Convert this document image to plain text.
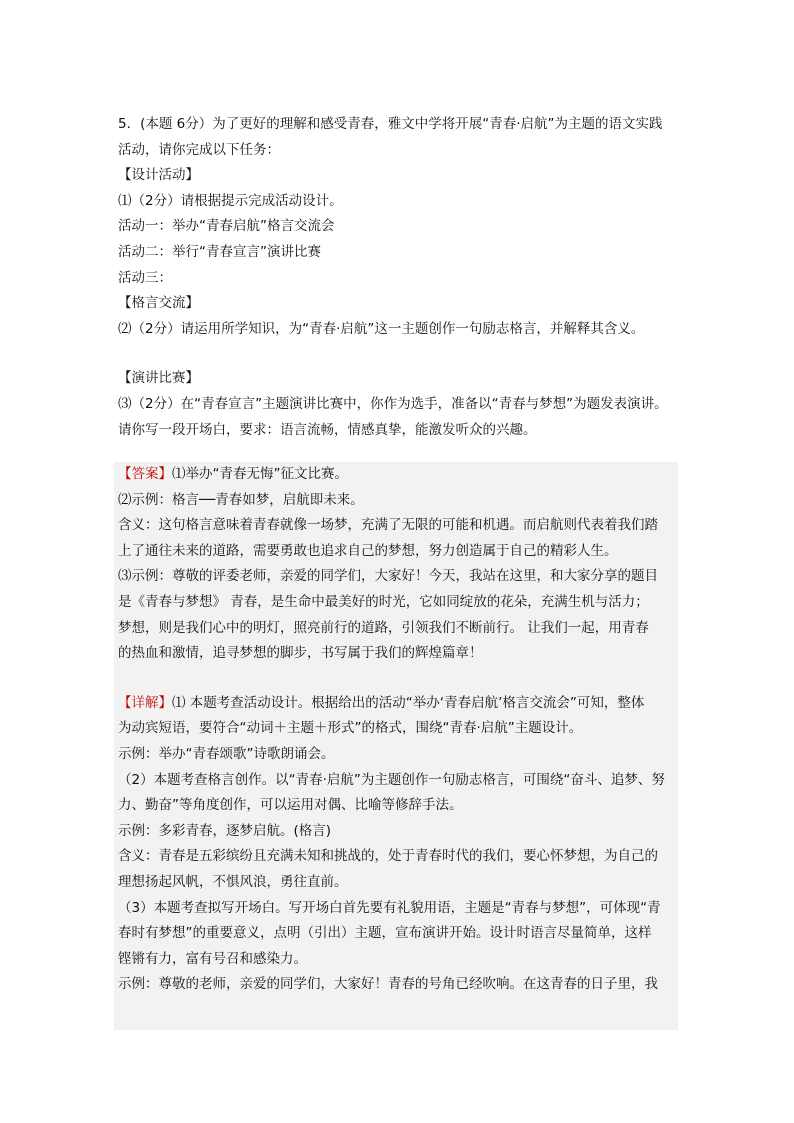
5．(本题 6分）为了更好的理解和感受青春，雅文中学将开展“青春·启航”为主题的语文实践
活动，请你完成以下任务：
【设计活动】
⑴（2分）请根据提示完成活动设计。
活动一：举办“青春启航”格言交流会
活动二：举行“青春宣言”演讲比赛
活动三：
【格言交流】
⑵（2分）请运用所学知识，为“青春·启航”这一主题创作一句励志格言，并解释其含义。
【演讲比赛】
⑶（2分）在“青春宣言”主题演讲比赛中，你作为选手，准备以“青春与梦想”为题发表演讲。
请你写一段开场白，要求：语言流畅，情感真挚，能激发听众的兴趣。
【答案】⑴举办“青春无悔”征文比赛。
⑵示例：格言──青春如梦，启航即未来。
含义：这句格言意味着青春就像一场梦，充满了无限的可能和机遇。而启航则代表着我们踏
上了通往未来的道路，需要勇敢也追求自己的梦想，努力创造属于自己的精彩人生。
⑶示例：尊敬的评委老师，亲爱的同学们，大家好！今天，我站在这里，和大家分享的题目
是《青春与梦想》 青春，是生命中最美好的时光，它如同绽放的花朵，充满生机与活力；
梦想，则是我们心中的明灯，照亮前行的道路，引领我们不断前行。 让我们一起，用青春
的热血和激情，追寻梦想的脚步，书写属于我们的辉煌篇章！
【详解】⑴ 本题考查活动设计。根据给出的活动“举办‘青春启航’格言交流会”可知，整体
为动宾短语，要符合“动词＋主题＋形式”的格式，围绕“青春·启航”主题设计。
示例：举办“青春颂歌”诗歌朗诵会。
（2）本题考查格言创作。以“青春·启航”为主题创作一句励志格言，可围绕“奋斗、追梦、努
力、勤奋”等角度创作，可以运用对偶、比喻等修辞手法。
示例：多彩青春，逐梦启航。(格言)
含义：青春是五彩缤纷且充满未知和挑战的，处于青春时代的我们，要心怀梦想，为自己的
理想扬起风帆，不惧风浪，勇往直前。
（3）本题考查拟写开场白。写开场白首先要有礼貌用语，主题是“青春与梦想”，可体现“青
春时有梦想”的重要意义，点明（引出）主题，宣布演讲开始。设计时语言尽量简单，这样
铿锵有力，富有号召和感染力。
示例：尊敬的老师，亲爱的同学们，大家好！青春的号角已经吹响。在这青春的日子里，我
